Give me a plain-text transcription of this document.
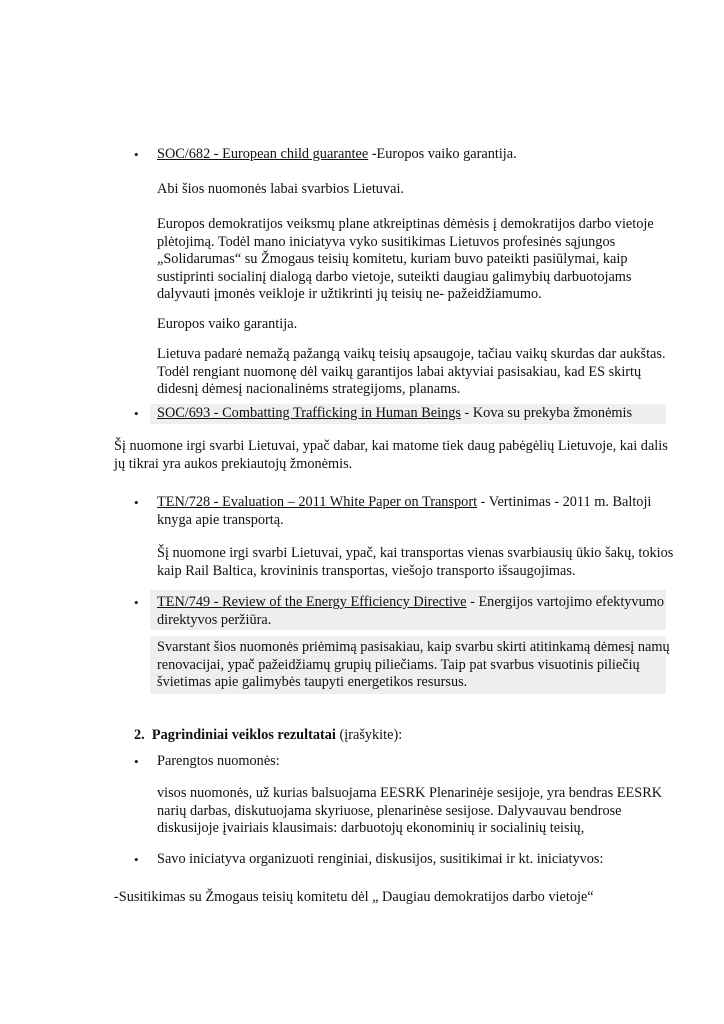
• SOC/682 - European child guarantee -Europos vaiko garantija.
Abi šios nuomonės labai svarbios Lietuvai.
Europos demokratijos veiksmų plane atkreiptinas dėmėsis į demokratijos darbo vietoje
plėtojimą. Todėl mano iniciatyva vyko susitikimas Lietuvos profesinės sąjungos
„Solidarumas“ su Žmogaus teisių komitetu, kuriam buvo pateikti pasiūlymai, kaip
sustiprinti socialinį dialogą darbo vietoje, suteikti daugiau galimybių darbuotojams
dalyvauti įmonės veikloje ir užtikrinti jų teisių ne- pažeidžiamumo.
Europos vaiko garantija.
Lietuva padarė nemažą pažangą vaikų teisių apsaugoje, tačiau vaikų skurdas dar aukštas.
Todėl rengiant nuomonę dėl vaikų garantijos labai aktyviai pasisakiau, kad ES skirtų
didesnį dėmesį nacionalinėms strategijoms, planams.
• SOC/693 - Combatting Trafficking in Human Beings - Kova su prekyba žmonėmis
Šį nuomone irgi svarbi Lietuvai, ypač dabar, kai matome tiek daug pabėgėlių Lietuvoje, kai dalis
jų tikrai yra aukos prekiautojų žmonėmis.
• TEN/728 - Evaluation – 2011 White Paper on Transport - Vertinimas - 2011 m. Baltoji
knyga apie transportą.
Šį nuomone irgi svarbi Lietuvai, ypač, kai transportas vienas svarbiausių ūkio šakų, tokios
kaip Rail Baltica, krovininis transportas, viešojo transporto išsaugojimas.
• TEN/749 - Review of the Energy Efficiency Directive - Energijos vartojimo efektyvumo
direktyvos peržiūra.
Svarstant šios nuomonės priėmimą pasisakiau, kaip svarbu skirti atitinkamą dėmesį namų
renovacijai, ypač pažeidžiamų grupių piliečiams. Taip pat svarbus visuotinis piliečių
švietimas apie galimybės taupyti energetikos resursus.
2. Pagrindiniai veiklos rezultatai (įrašykite):
• Parengtos nuomonės:
visos nuomonės, už kurias balsuojama EESRK Plenarinėje sesijoje, yra bendras EESRK
narių darbas, diskutuojama skyriuose, plenarinėse sesijose. Dalyvauvau bendrose
diskusijoje įvairiais klausimais: darbuotojų ekonominių ir socialinių teisių,
• Savo iniciatyva organizuoti renginiai, diskusijos, susitikimai ir kt. iniciatyvos:
-Susitikimas su Žmogaus teisių komitetu dėl „ Daugiau demokratijos darbo vietoje“
